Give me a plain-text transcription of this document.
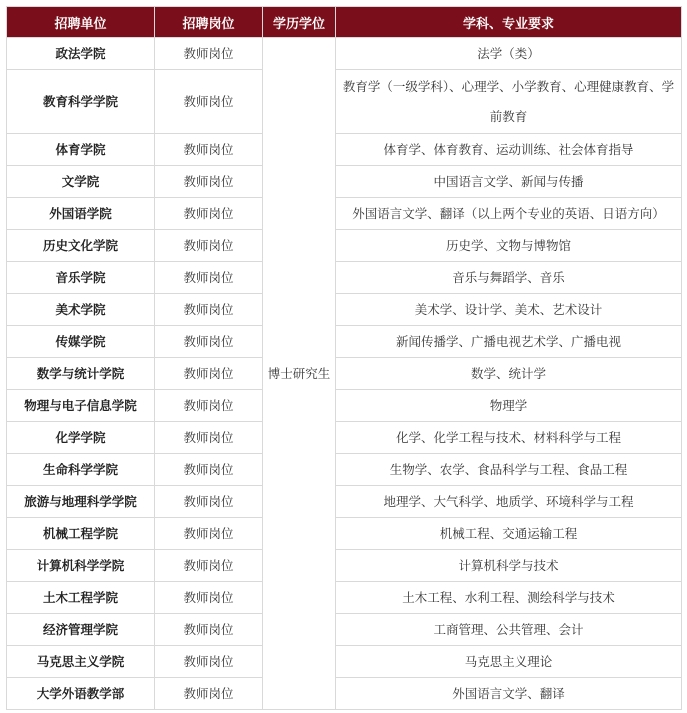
招聘单位	招聘岗位	学历学位	学科、专业要求
政法学院	教师岗位	博士研究生	法学（类）
教育科学学院	教师岗位		教育学（一级学科）、心理学、小学教育、心理健康教育、学前教育
体育学院	教师岗位		体育学、体育教育、运动训练、社会体育指导
文学院	教师岗位		中国语言文学、新闻与传播
外国语学院	教师岗位		外国语言文学、翻译（以上两个专业的英语、日语方向）
历史文化学院	教师岗位		历史学、文物与博物馆
音乐学院	教师岗位		音乐与舞蹈学、音乐
美术学院	教师岗位		美术学、设计学、美术、艺术设计
传媒学院	教师岗位		新闻传播学、广播电视艺术学、广播电视
数学与统计学院	教师岗位		数学、统计学
物理与电子信息学院	教师岗位		物理学
化学学院	教师岗位		化学、化学工程与技术、材料科学与工程
生命科学学院	教师岗位		生物学、农学、食品科学与工程、食品工程
旅游与地理科学学院	教师岗位		地理学、大气科学、地质学、环境科学与工程
机械工程学院	教师岗位		机械工程、交通运输工程
计算机科学学院	教师岗位		计算机科学与技术
土木工程学院	教师岗位		土木工程、水利工程、测绘科学与技术
经济管理学院	教师岗位		工商管理、公共管理、会计
马克思主义学院	教师岗位		马克思主义理论
大学外语教学部	教师岗位		外国语言文学、翻译
